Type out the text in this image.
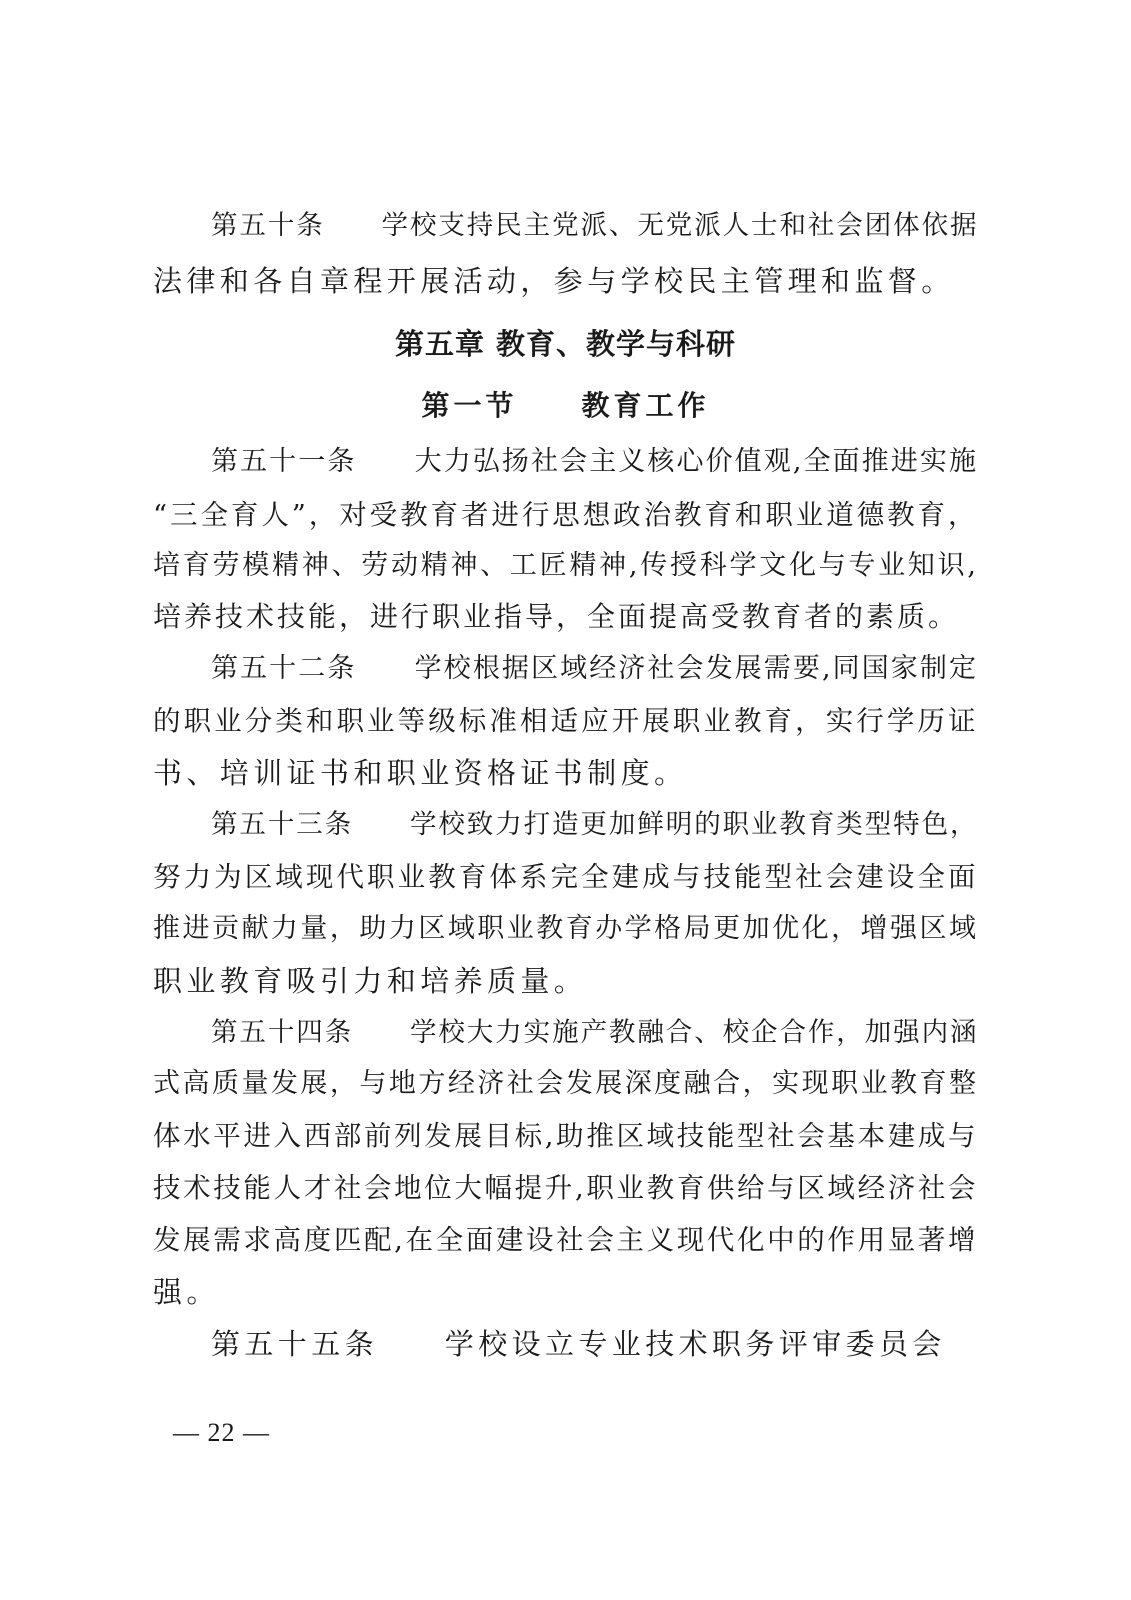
第五十条　　学校支持民主党派、无党派人士和社会团体依据
法律和各自章程开展活动，参与学校民主管理和监督。
第五章 教育、教学与科研
第一节　　教育工作
第五十一条　　大力弘扬社会主义核心价值观,全面推进实施
“三全育人”，对受教育者进行思想政治教育和职业道德教育，
培育劳模精神、劳动精神、工匠精神,传授科学文化与专业知识,
培养技术技能，进行职业指导，全面提高受教育者的素质。
第五十二条　　学校根据区域经济社会发展需要,同国家制定
的职业分类和职业等级标准相适应开展职业教育，实行学历证
书、培训证书和职业资格证书制度。
第五十三条　　学校致力打造更加鲜明的职业教育类型特色，
努力为区域现代职业教育体系完全建成与技能型社会建设全面
推进贡献力量，助力区域职业教育办学格局更加优化，增强区域
职业教育吸引力和培养质量。
第五十四条　　学校大力实施产教融合、校企合作，加强内涵
式高质量发展，与地方经济社会发展深度融合，实现职业教育整
体水平进入西部前列发展目标,助推区域技能型社会基本建成与
技术技能人才社会地位大幅提升,职业教育供给与区域经济社会
发展需求高度匹配,在全面建设社会主义现代化中的作用显著增
强。
第五十五条　　学校设立专业技术职务评审委员会
— 22 —
